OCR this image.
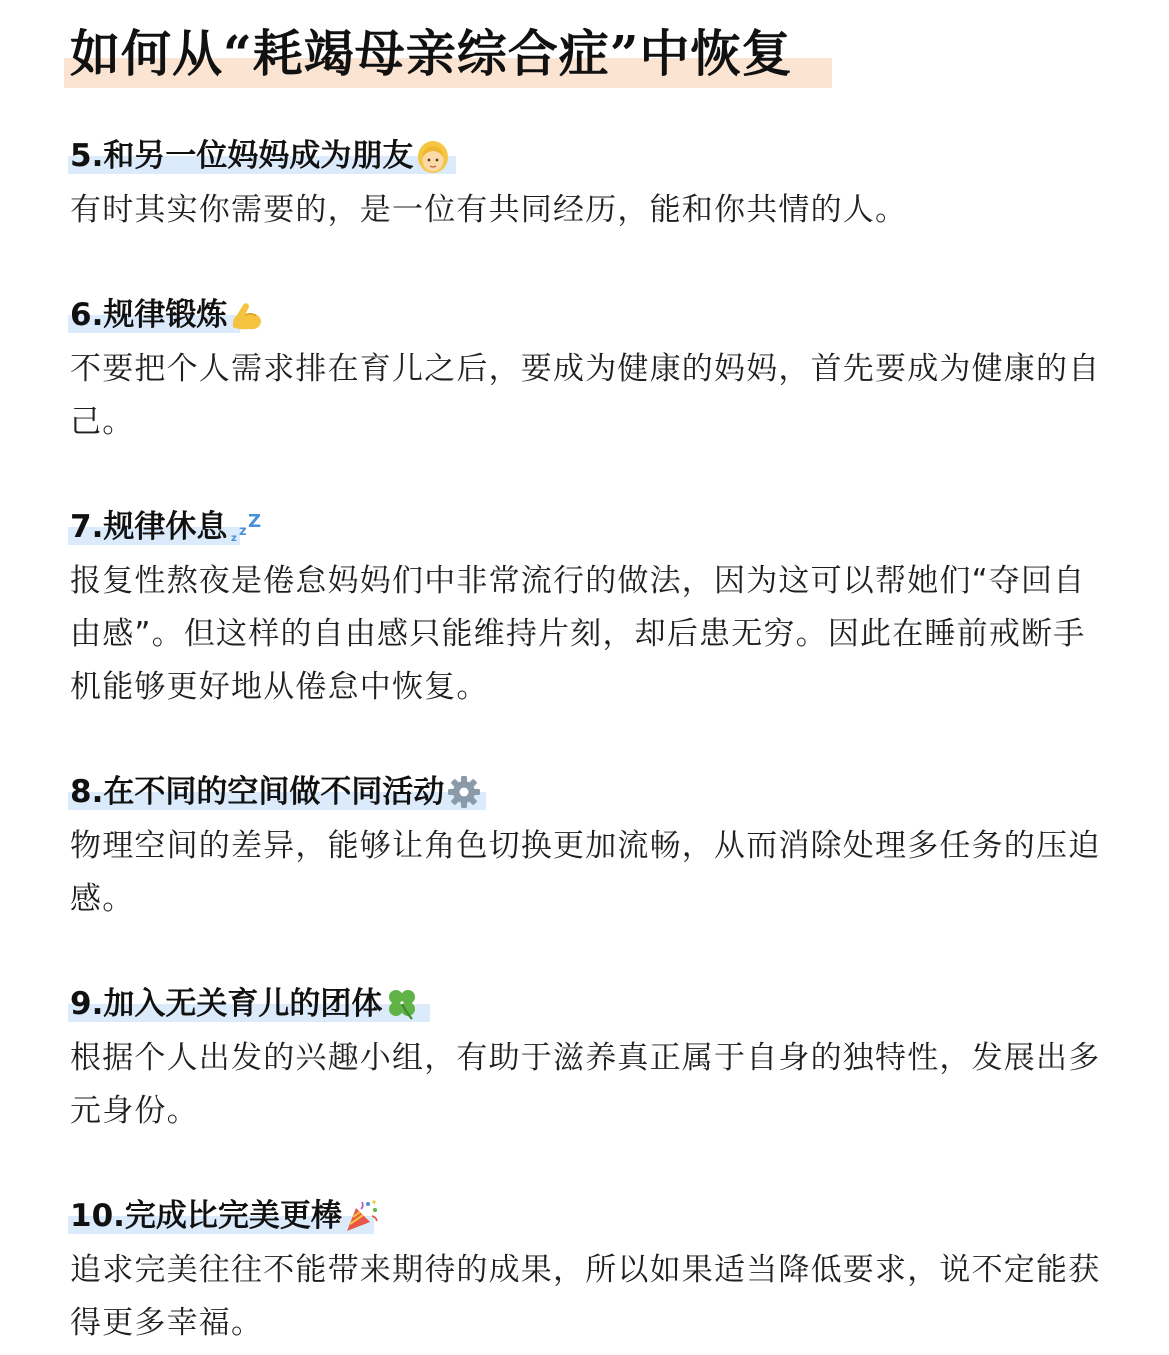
如何从“耗竭母亲综合症”中恢复
5.和另一位妈妈成为朋友

有时其实你需要的，是一位有共同经历，能和你共情的人。

6.规律锻炼

不要把个人需求排在育儿之后，要成为健康的妈妈，首先要成为健康的自己。

7.规律休息 z z Z

报复性熬夜是倦怠妈妈们中非常流行的做法，因为这可以帮她们“夺回自由感”。但这样的自由感只能维持片刻，却后患无穷。因此在睡前戒断手机能够更好地从倦怠中恢复。

8.在不同的空间做不同活动

物理空间的差异，能够让角色切换更加流畅，从而消除处理多任务的压迫感。

9.加入无关育儿的团体

根据个人出发的兴趣小组，有助于滋养真正属于自身的独特性，发展出多元身份。

10.完成比完美更棒

追求完美往往不能带来期待的成果，所以如果适当降低要求，说不定能获得更多幸福。
